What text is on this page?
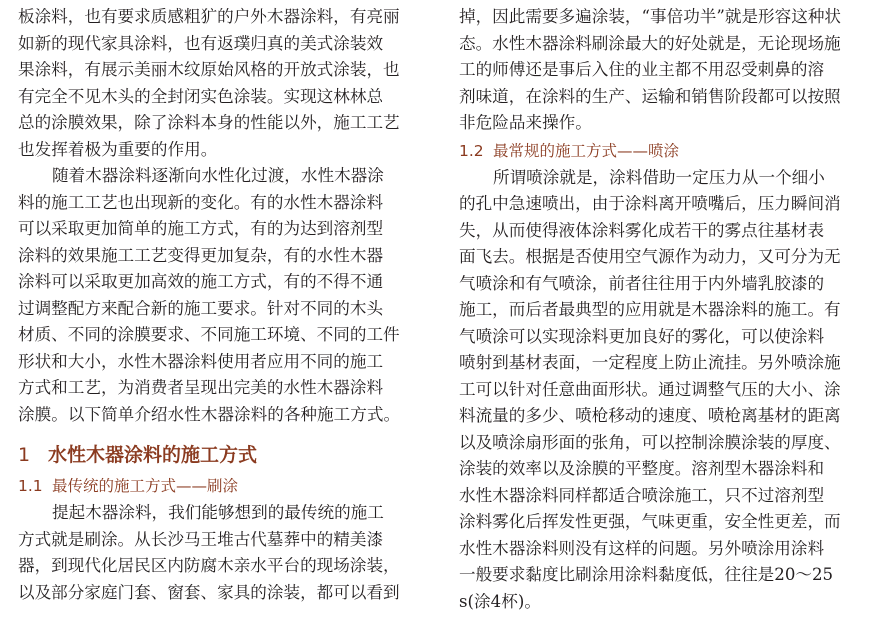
板涂料，也有要求质感粗犷的户外木器涂料，有亮丽
如新的现代家具涂料，也有返璞归真的美式涂装效
果涂料，有展示美丽木纹原始风格的开放式涂装，也
有完全不见木头的全封闭实色涂装。实现这林林总
总的涂膜效果，除了涂料本身的性能以外，施工工艺
也发挥着极为重要的作用。
随着木器涂料逐渐向水性化过渡，水性木器涂
料的施工工艺也出现新的变化。有的水性木器涂料
可以采取更加简单的施工方式，有的为达到溶剂型
涂料的效果施工工艺变得更加复杂，有的水性木器
涂料可以采取更加高效的施工方式，有的不得不通
过调整配方来配合新的施工要求。针对不同的木头
材质、不同的涂膜要求、不同施工环境、不同的工件
形状和大小，水性木器涂料使用者应用不同的施工
方式和工艺，为消费者呈现出完美的水性木器涂料
涂膜。以下简单介绍水性木器涂料的各种施工方式。
1 水性木器涂料的施工方式
1.1 最传统的施工方式——刷涂
提起木器涂料，我们能够想到的最传统的施工
方式就是刷涂。从长沙马王堆古代墓葬中的精美漆
器，到现代化居民区内防腐木亲水平台的现场涂装，
以及部分家庭门套、窗套、家具的涂装，都可以看到
掉，因此需要多遍涂装，“事倍功半”就是形容这种状
态。水性木器涂料刷涂最大的好处就是，无论现场施
工的师傅还是事后入住的业主都不用忍受刺鼻的溶
剂味道，在涂料的生产、运输和销售阶段都可以按照
非危险品来操作。
1.2 最常规的施工方式——喷涂
所谓喷涂就是，涂料借助一定压力从一个细小
的孔中急速喷出，由于涂料离开喷嘴后，压力瞬间消
失，从而使得液体涂料雾化成若干的雾点往基材表
面飞去。根据是否使用空气源作为动力，又可分为无
气喷涂和有气喷涂，前者往往用于内外墙乳胶漆的
施工，而后者最典型的应用就是木器涂料的施工。有
气喷涂可以实现涂料更加良好的雾化，可以使涂料
喷射到基材表面，一定程度上防止流挂。另外喷涂施
工可以针对任意曲面形状。通过调整气压的大小、涂
料流量的多少、喷枪移动的速度、喷枪离基材的距离
以及喷涂扇形面的张角，可以控制涂膜涂装的厚度、
涂装的效率以及涂膜的平整度。溶剂型木器涂料和
水性木器涂料同样都适合喷涂施工，只不过溶剂型
涂料雾化后挥发性更强，气味更重，安全性更差，而
水性木器涂料则没有这样的问题。另外喷涂用涂料
一般要求黏度比刷涂用涂料黏度低，往往是20～25
s(涂4杯)。
